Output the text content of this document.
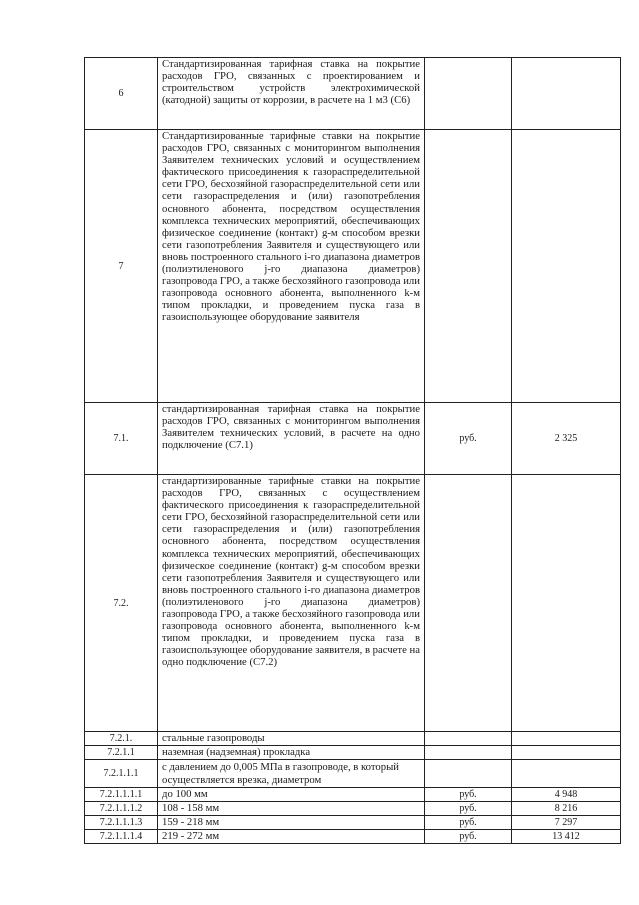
6	Стандартизированная тарифная ставка на покрытие расходов ГРО, связанных с проектированием и строительством устройств электрохимической (катодной) защиты от коррозии, в расчете на 1 м3 (С6)		
7	Стандартизированные тарифные ставки на покрытие расходов ГРО, связанных с мониторингом выполнения Заявителем технических условий и осуществлением фактического присоединения к газораспределительной сети ГРО, бесхозяйной газораспределительной сети или сети газораспределения и (или) газопотребления основного абонента, посредством осуществления комплекса технических мероприятий, обеспечивающих физическое соединение (контакт) g-м способом врезки сети газопотребления Заявителя и существующего или вновь построенного стального i-го диапазона диаметров (полиэтиленового j-го диапазона диаметров) газопровода ГРО, а также бесхозяйного газопровода или газопровода основного абонента, выполненного k-м типом прокладки, и проведением пуска газа в газоиспользующее оборудование заявителя		
7.1.	стандартизированная тарифная ставка на покрытие расходов ГРО, связанных с мониторингом выполнения Заявителем технических условий, в расчете на одно подключение (С7.1)	руб.	2 325
7.2.	стандартизированные тарифные ставки на покрытие расходов ГРО, связанных с осуществлением фактического присоединения к газораспределительной сети ГРО, бесхозяйной газораспределительной сети или сети газораспределения и (или) газопотребления основного абонента, посредством осуществления комплекса технических мероприятий, обеспечивающих физическое соединение (контакт) g-м способом врезки сети газопотребления Заявителя и существующего или вновь построенного стального i-го диапазона диаметров (полиэтиленового j-го диапазона диаметров) газопровода ГРО, а также бесхозяйного газопровода или газопровода основного абонента, выполненного k-м типом прокладки, и проведением пуска газа в газоиспользующее оборудование заявителя, в расчете на одно подключение (С7.2)		
7.2.1.	стальные газопроводы		
7.2.1.1	наземная (надземная) прокладка		
7.2.1.1.1	с давлением до 0,005 МПа в газопроводе, в который осуществляется врезка, диаметром		
7.2.1.1.1.1	до 100 мм	руб.	4 948
7.2.1.1.1.2	108 - 158 мм	руб.	8 216
7.2.1.1.1.3	159 - 218 мм	руб.	7 297
7.2.1.1.1.4	219 - 272 мм	руб.	13 412
